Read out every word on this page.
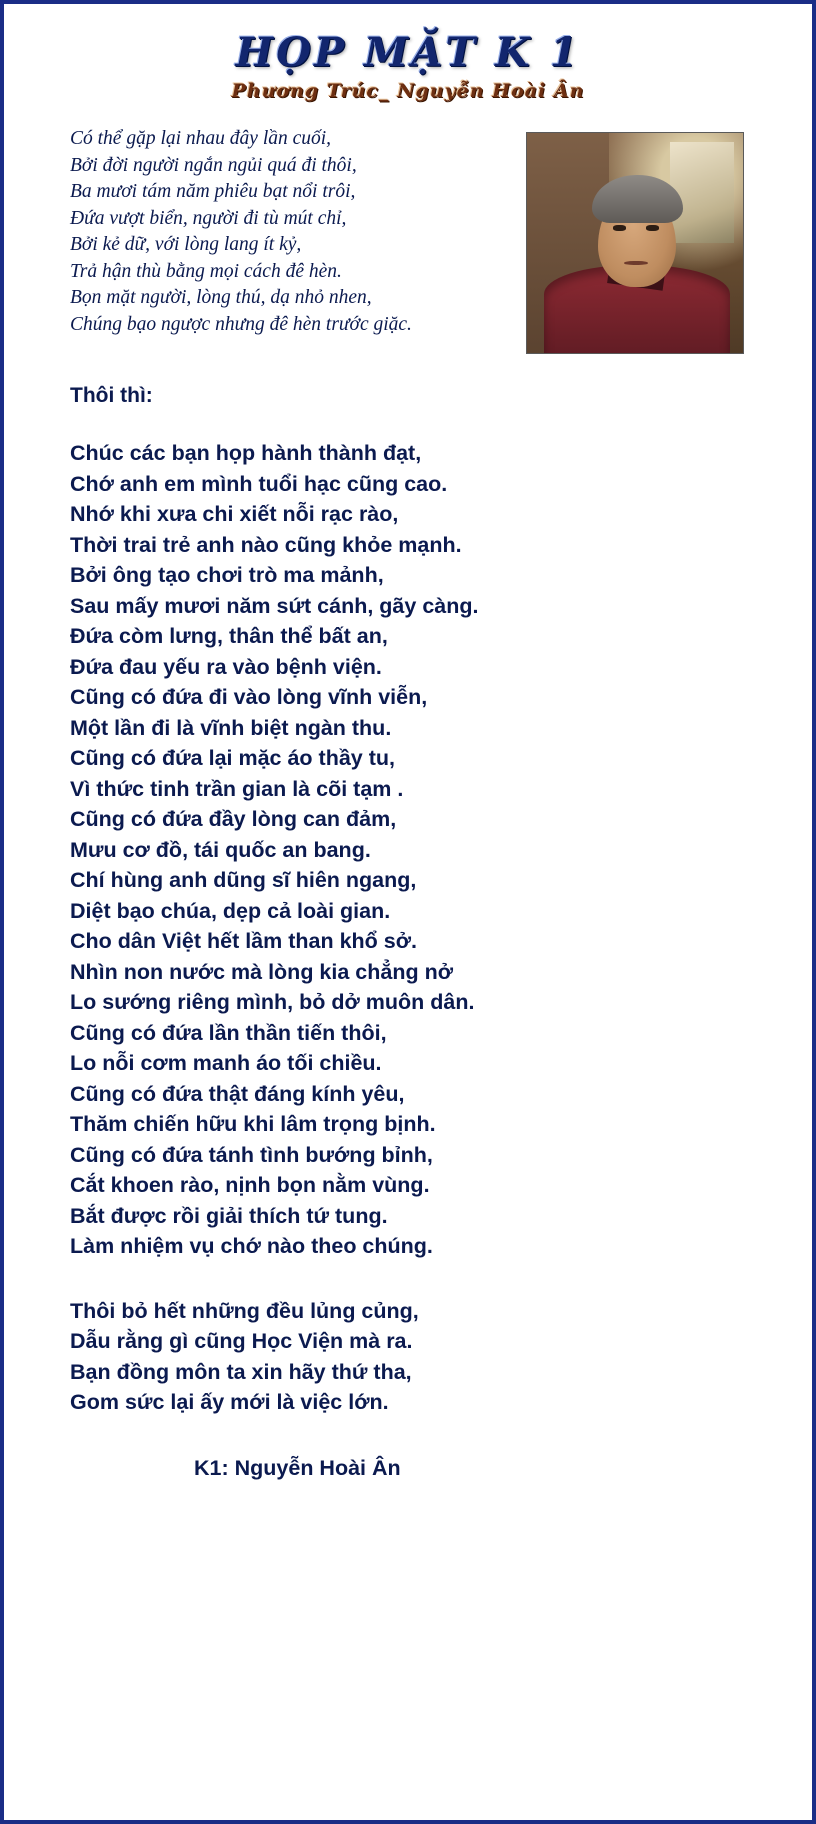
HỌP MẶT K 1
Phương Trúc_ Nguyễn Hoài Ân
Có thể gặp lại nhau đây lần cuối,
Bởi đời người ngắn ngủi quá đi thôi,
Ba mươi tám năm phiêu bạt nổi trôi,
Đứa vượt biển, người đi tù mút chỉ,
Bởi kẻ dữ, với lòng lang ít kỷ,
Trả hận thù bằng mọi cách đê hèn.
Bọn mặt người, lòng thú, dạ nhỏ nhen,
Chúng bạo ngược nhưng đê hèn trước giặc.
Thôi thì:
Chúc các bạn họp hành thành đạt,
Chớ anh em mình tuổi hạc cũng cao.
Nhớ khi xưa chi xiết nỗi rạc rào,
Thời trai trẻ anh nào cũng khỏe mạnh.
Bởi ông tạo chơi trò ma mảnh,
Sau mấy mươi năm sứt cánh, gãy càng.
Đứa còm lưng, thân thể bất an,
Đứa đau yếu ra vào bệnh viện.
Cũng có đứa đi vào lòng vĩnh viễn,
Một lần đi là vĩnh biệt ngàn thu.
Cũng có đứa lại mặc áo thầy tu,
Vì thức tinh trần gian là cõi tạm .
Cũng có đứa đầy lòng can đảm,
Mưu cơ đồ, tái quốc an bang.
Chí hùng anh dũng sĩ hiên ngang,
Diệt bạo chúa, dẹp cả loài gian.
Cho dân Việt hết lầm than khổ sở.
Nhìn non nước mà lòng kia chẳng nở
Lo sướng riêng mình, bỏ dở muôn dân.
Cũng có đứa lần thần tiến thôi,
Lo nỗi cơm manh áo tối chiều.
Cũng có đứa thật đáng kính yêu,
Thăm chiến hữu khi lâm trọng bịnh.
Cũng có đứa tánh tình bướng bỉnh,
Cắt khoen rào, nịnh bọn nằm vùng.
Bắt được rồi giải thích tứ tung.
Làm nhiệm vụ chớ nào theo chúng.
Thôi bỏ hết những đều lủng củng,
Dẫu rằng gì cũng Học Viện mà ra.
Bạn đồng môn ta xin hãy thứ tha,
Gom sức lại ấy mới là việc lớn.
K1: Nguyễn Hoài Ân
